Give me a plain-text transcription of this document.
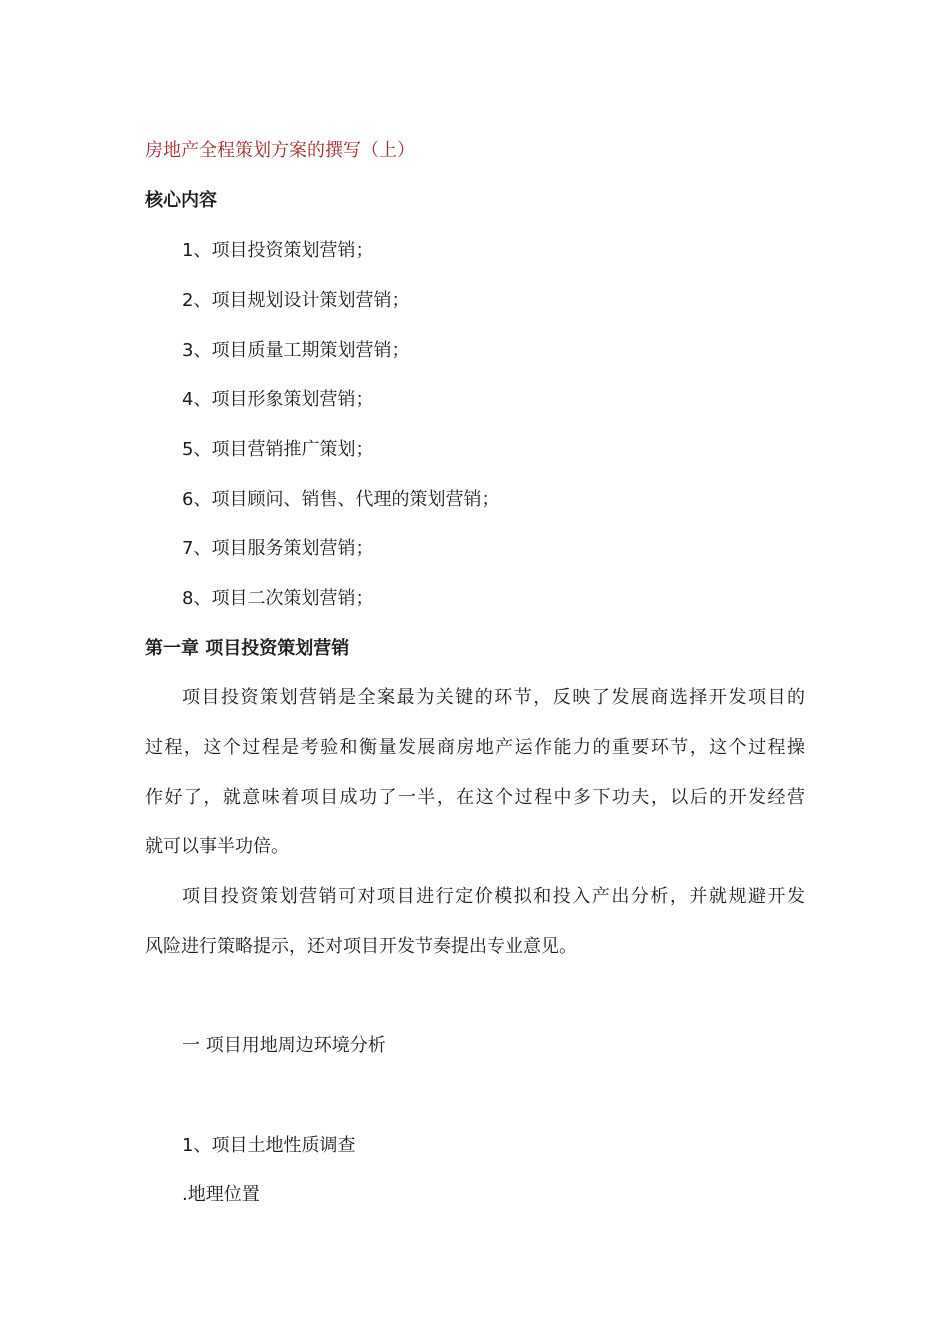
房地产全程策划方案的撰写（上）
核心内容
1、项目投资策划营销；
2、项目规划设计策划营销；
3、项目质量工期策划营销；
4、项目形象策划营销；
5、项目营销推广策划；
6、项目顾问、销售、代理的策划营销；
7、项目服务策划营销；
8、项目二次策划营销；
第一章 项目投资策划营销
项目投资策划营销是全案最为关键的环节，反映了发展商选择开发项目的
过程，这个过程是考验和衡量发展商房地产运作能力的重要环节，这个过程操
作好了，就意味着项目成功了一半，在这个过程中多下功夫，以后的开发经营
就可以事半功倍。
项目投资策划营销可对项目进行定价模拟和投入产出分析，并就规避开发
风险进行策略提示，还对项目开发节奏提出专业意见。
一 项目用地周边环境分析
1、项目土地性质调查
.地理位置
